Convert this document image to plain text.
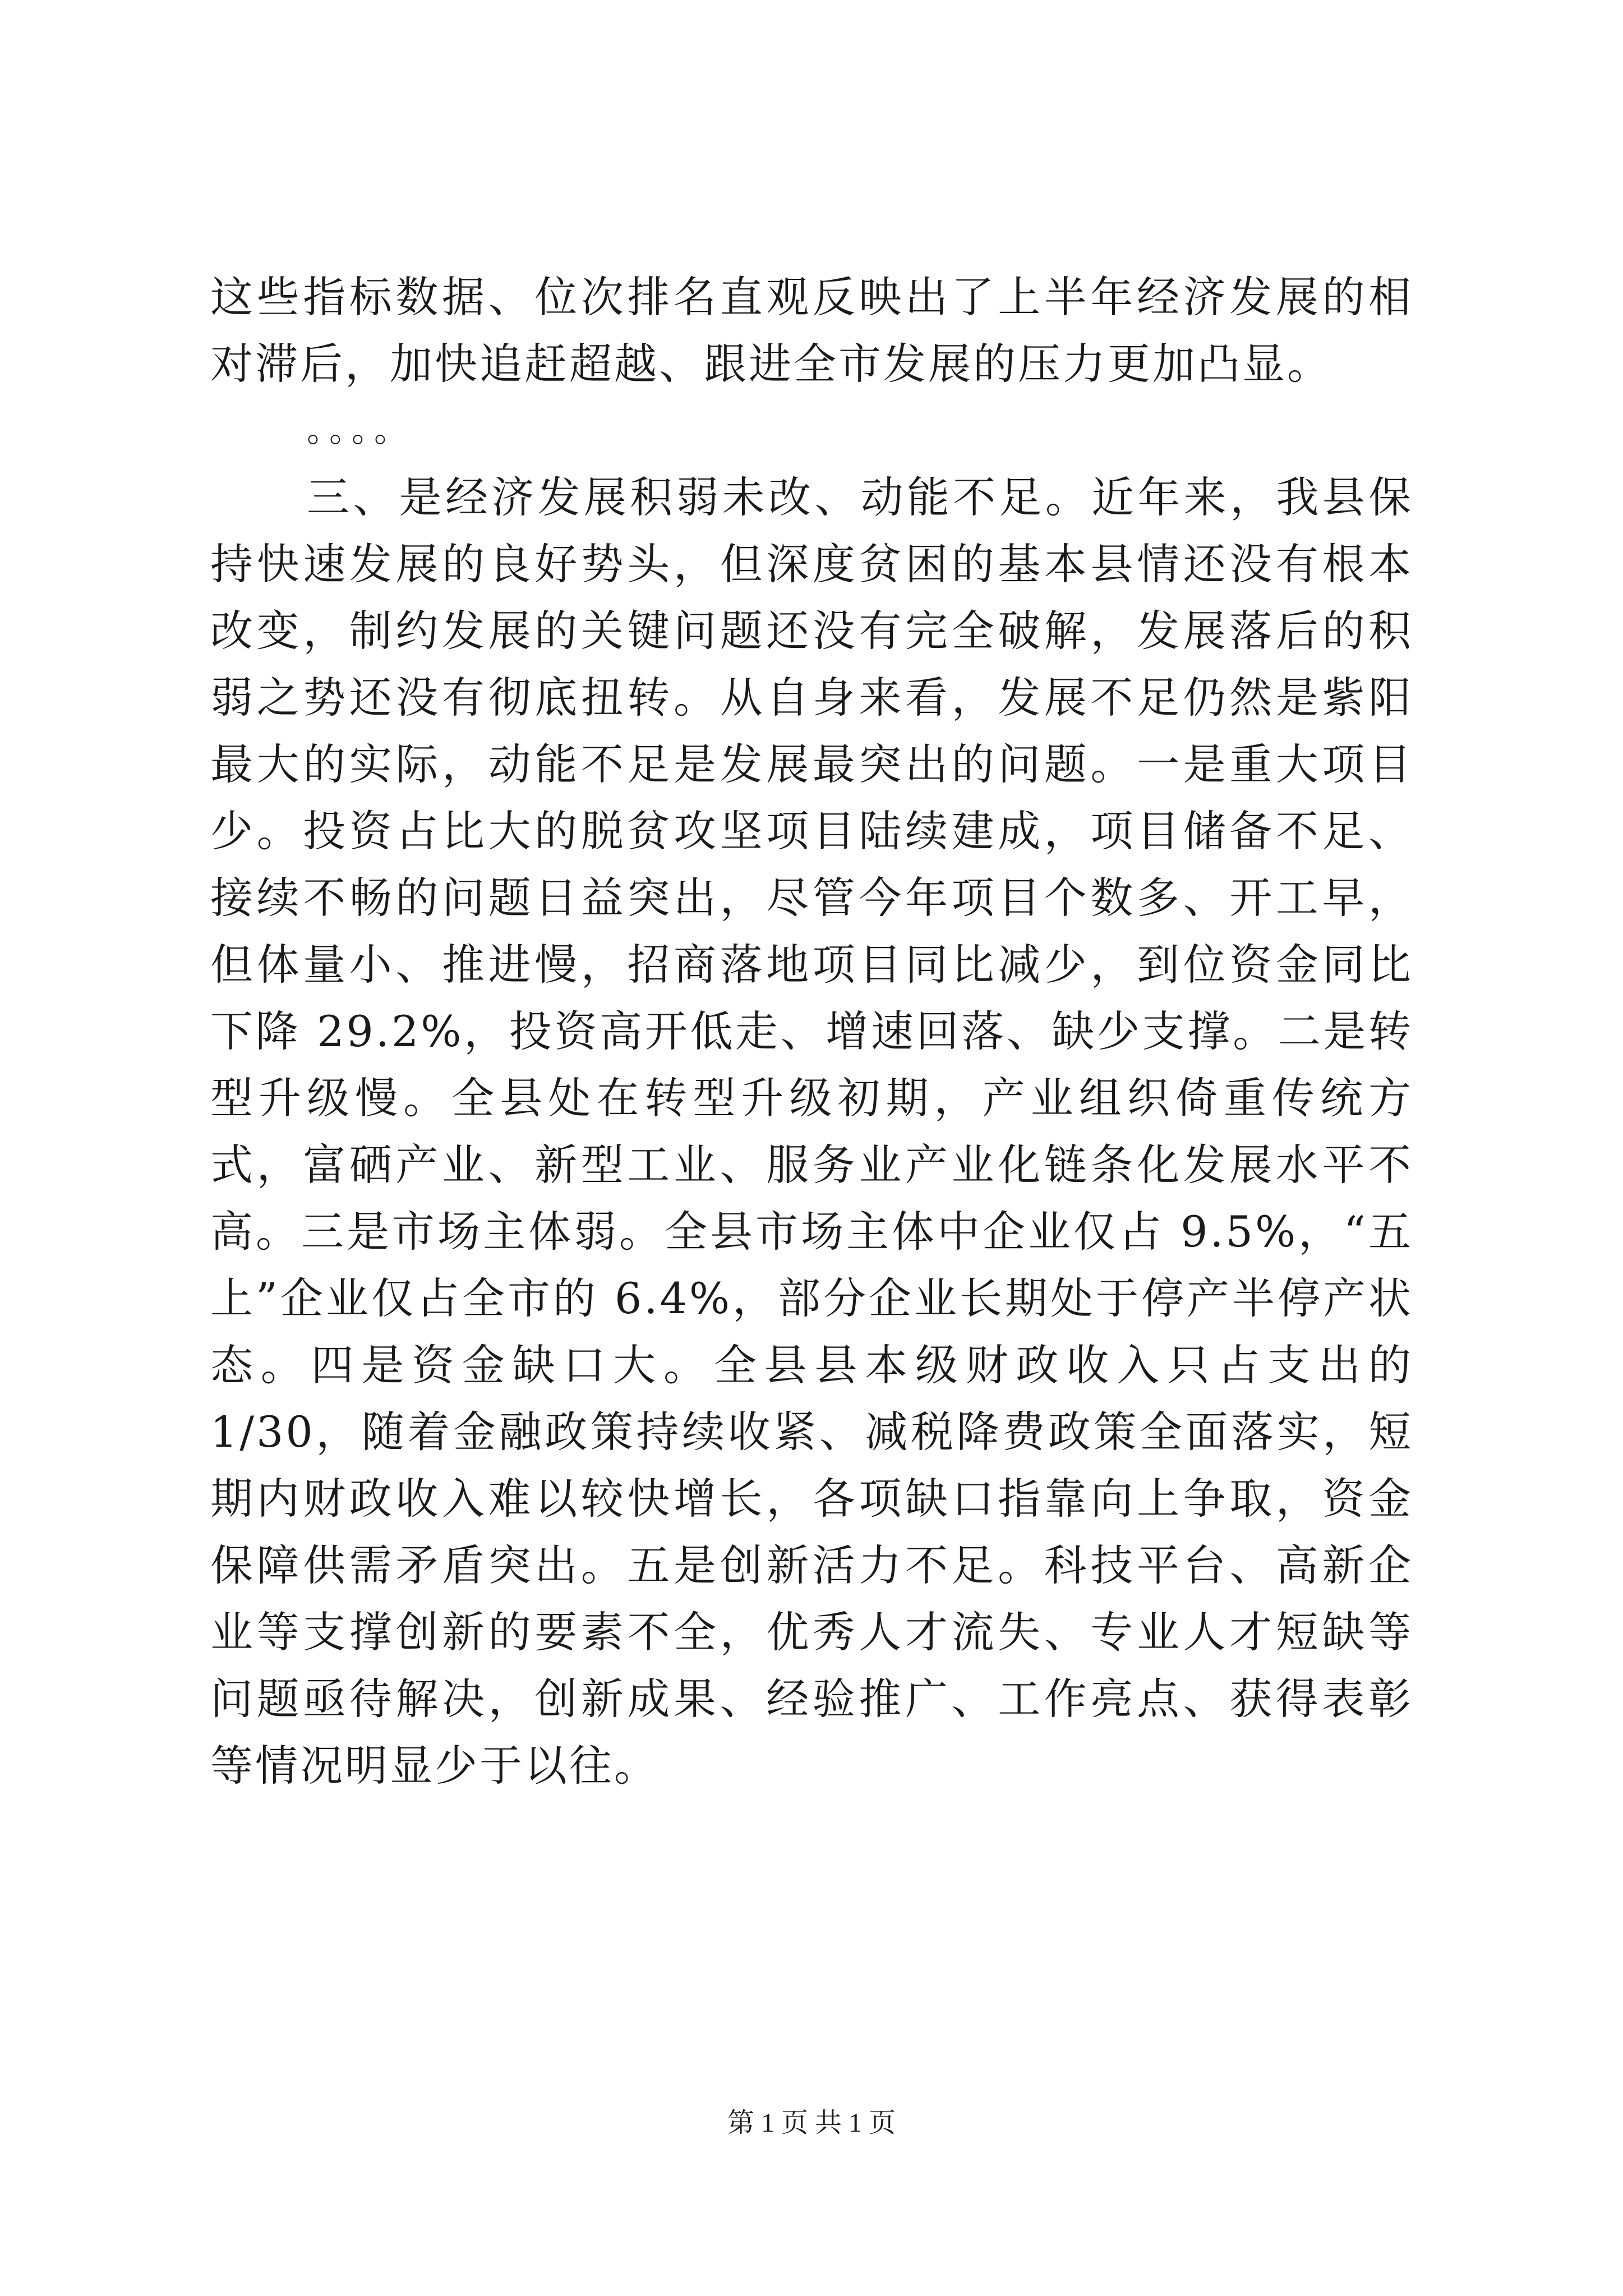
这些指标数据、位次排名直观反映出了上半年经济发展的相对滞后，加快追赶超越、跟进全市发展的压力更加凸显。

。。。。

三、是经济发展积弱未改、动能不足。近年来，我县保持快速发展的良好势头，但深度贫困的基本县情还没有根本改变，制约发展的关键问题还没有完全破解，发展落后的积弱之势还没有彻底扭转。从自身来看，发展不足仍然是紫阳最大的实际，动能不足是发展最突出的问题。一是重大项目少。投资占比大的脱贫攻坚项目陆续建成，项目储备不足、接续不畅的问题日益突出，尽管今年项目个数多、开工早，但体量小、推进慢，招商落地项目同比减少，到位资金同比下降 29.2%，投资高开低走、增速回落、缺少支撑。二是转型升级慢。全县处在转型升级初期，产业组织倚重传统方式，富硒产业、新型工业、服务业产业化链条化发展水平不高。三是市场主体弱。全县市场主体中企业仅占 9.5%，“五上”企业仅占全市的 6.4%，部分企业长期处于停产半停产状态。四是资金缺口大。全县县本级财政收入只占支出的 1/30，随着金融政策持续收紧、减税降费政策全面落实，短期内财政收入难以较快增长，各项缺口指靠向上争取，资金保障供需矛盾突出。五是创新活力不足。科技平台、高新企业等支撑创新的要素不全，优秀人才流失、专业人才短缺等问题亟待解决，创新成果、经验推广、工作亮点、获得表彰等情况明显少于以往。

第 1 页 共 1 页
